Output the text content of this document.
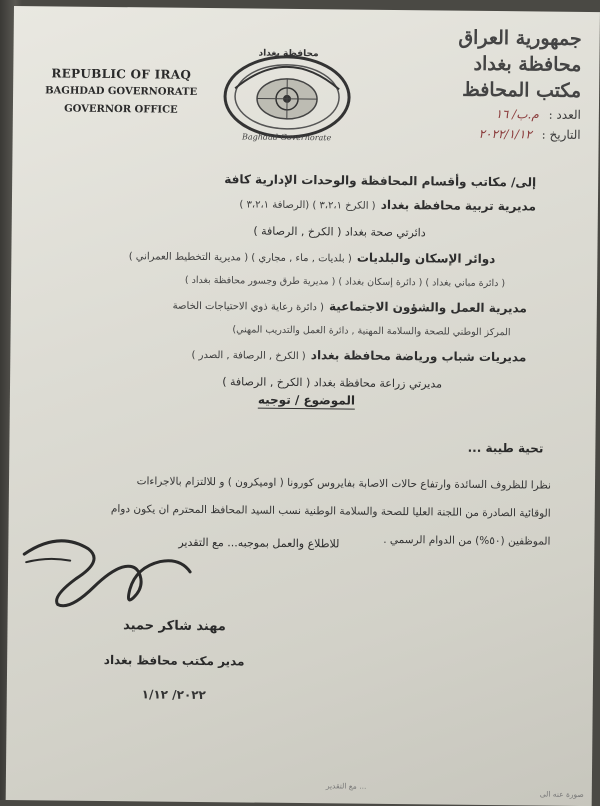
جمهورية العراق
محافظة بغداد
مكتب المحافظ
العدد : م.ب/ ١٦
التاريخ : ٢٠٢٢/١/١٢
REPUBLIC OF IRAQ
BAGHDAD GOVERNORATE
GOVERNOR OFFICE
محافظة بغداد
Baghdad Governorate
إلى/ مكاتب وأقسام المحافظة والوحدات الإدارية كافة
مديرية تربية محافظة بغداد ( الكرخ ٣،٢،١ ) (الرصافة ٣،٢،١ )
دائرتي صحة بغداد ( الكرخ , الرصافة )
دوائر الإسكان والبلديات ( بلديات , ماء , مجاري ) ( مديرية التخطيط العمراني )
( دائرة مباني بغداد ) ( دائرة إسكان بغداد ) ( مديرية طرق وجسور محافظة بغداد )
مديرية العمل والشؤون الاجتماعية ( دائرة رعاية ذوي الاحتياجات الخاصة
المركز الوطني للصحة والسلامة المهنية , دائرة العمل والتدريب المهني)
مديريات شباب ورياضة محافظة بغداد ( الكرخ , الرصافة , الصدر )
مديرتي زراعة محافظة بغداد ( الكرخ , الرصافة )
الموضوع / توجيه
تحية طيبة ...
نظرا للظروف السائدة وارتفاع حالات الاصابة بفايروس كورونا ( اوميكرون ) و للالتزام بالاجراءات
الوقائية الصادرة من اللجنة العليا للصحة والسلامة الوطنية نسب السيد المحافظ المحترم ان يكون دوام
الموظفين (٥٠%) من الدوام الرسمي .
للاطلاع والعمل بموجبه... مع التقدير
مهند شاكر حميد
مدير مكتب محافظ بغداد
٢٠٢٢/ ١/١٢
... مع التقدير
صورة عنه الى
